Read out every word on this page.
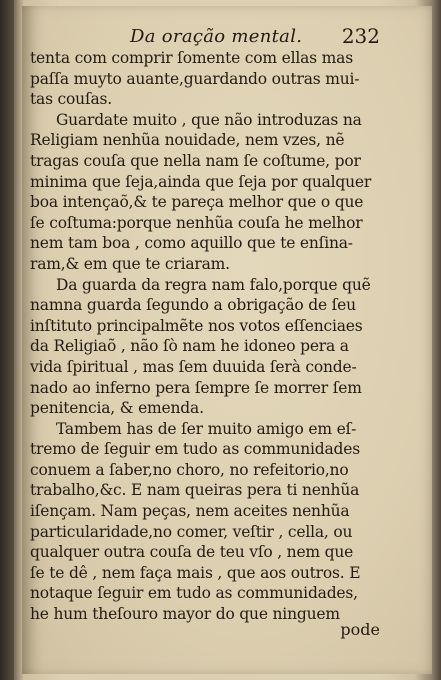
Da oração mental. 232
tenta com comprir ſomente com ellas mas
paſſa muyto auante,guardando outras mui-
tas couſas.
Guardate muito , que não introduzas na
Religiam nenhũa nouidade, nem vzes, nẽ
tragas couſa que nella nam ſe coſtume, por
minima que ſeja,ainda que ſeja por qualquer
boa intençaõ,& te pareça melhor que o que
ſe coſtuma:porque nenhũa couſa he melhor
nem tam boa , como aquillo que te enſina-
ram,& em que te criaram.
Da guarda da regra nam falo,porque quẽ
namna guarda ſegundo a obrigação de ſeu
inſtituto principalmẽte nos votos eſſenciaes
da Religiaõ , não ſò nam he idoneo pera a
vida ſpiritual , mas ſem duuida ſerà conde-
nado ao inferno pera ſempre ſe morrer ſem
penitencia, & emenda.
Tambem has de ſer muito amigo em eſ-
tremo de ſeguir em tudo as communidades
conuem a ſaber,no choro, no refeitorio,no
trabalho,&c. E nam queiras pera ti nenhũa
iſençam. Nam peças, nem aceites nenhũa
particularidade,no comer, veſtir , cella, ou
qualquer outra couſa de teu vſo , nem que
ſe te dê , nem faça mais , que aos outros. E
notaque ſeguir em tudo as communidades,
he hum theſouro mayor do que ninguem
pode
